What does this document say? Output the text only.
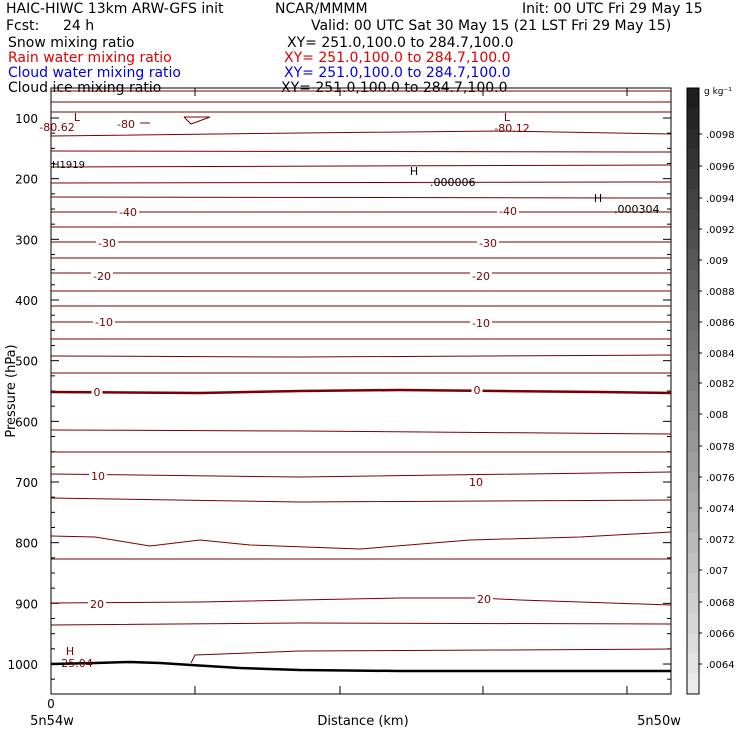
HAIC-HIWC 13km ARW-GFS init	NCAR/MMMM	Init: 00 UTC Fri 29 May 15
Fcst: 24 h	Valid: 00 UTC Sat 30 May 15 (21 LST Fri 29 May 15)
Snow mixing ratio	XY= 251.0,100.0 to 284.7,100.0
Rain water mixing ratio	XY= 251.0,100.0 to 284.7,100.0
Cloud water mixing ratio	XY= 251.0,100.0 to 284.7,100.0
Cloud ice mixing ratio	XY= 251.0,100.0 to 284.7,100.0
-40	-40
-30	-30
-20	-20
-10	-10
10	10
20	20
0	0
-80
L
-80.62
L
-80.12
H
.000006
H
.000304
H
25.04
H1919
100
200
300
400
500
600
700
800
900
1000
Pressure (hPa)
0
5n54w	Distance (km)	5n50w
.0098
.0096
.0094
.0092
.009
.0088
.0086
.0084
.0082
.008
.0078
.0076
.0074
.0072
.007
.0068
.0066
.0064
g kg⁻¹
